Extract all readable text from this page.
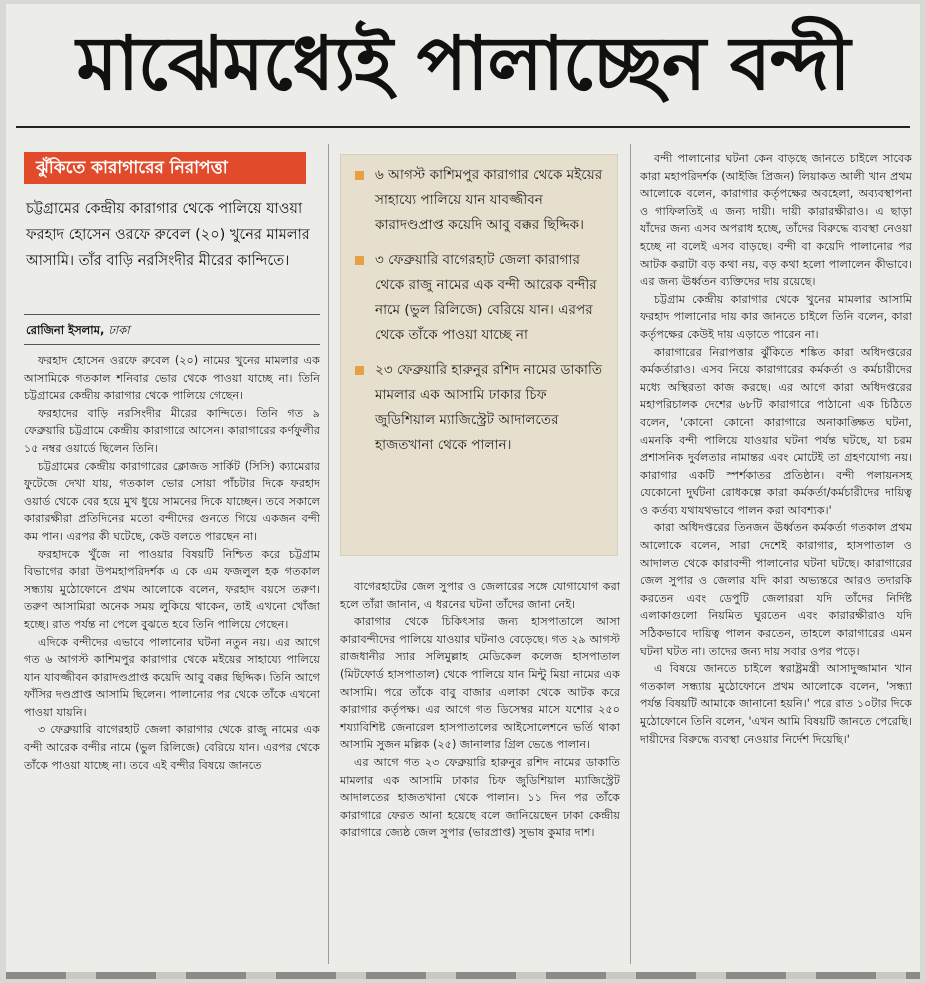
মাঝেমধ্যেই পালাচ্ছেন বন্দী
ঝুঁকিতে কারাগারের নিরাপত্তা
চট্টগ্রামের কেন্দ্রীয় কারাগার থেকে পালিয়ে যাওয়া ফরহাদ হোসেন ওরফে রুবেল (২০) খুনের মামলার আসামি। তাঁর বাড়ি নরসিংদীর মীরের কান্দিতে।
রোজিনা ইসলাম, ঢাকা

ফরহাদ হোসেন ওরফে রুবেল (২০) নামের খুনের মামলার এক আসামিকে গতকাল শনিবার ভোর থেকে পাওয়া যাচ্ছে না। তিনি চট্টগ্রামের কেন্দ্রীয় কারাগার থেকে পালিয়ে গেছেন।

ফরহাদের বাড়ি নরসিংদীর মীরের কান্দিতে। তিনি গত ৯ ফেব্রুয়ারি চট্টগ্রামে কেন্দ্রীয় কারাগারে আসেন। কারাগারের কর্ণফুলীর ১৫ নম্বর ওয়ার্ডে ছিলেন তিনি।

চট্টগ্রামের কেন্দ্রীয় কারাগারের ক্লোজড সার্কিট (সিসি) ক্যামেরার ফুটেজে দেখা যায়, গতকাল ভোর সোয়া পাঁচটার দিকে ফরহাদ ওয়ার্ড থেকে বের হয়ে মুখ ধুয়ে সামনের দিকে যাচ্ছেন। তবে সকালে কারারক্ষীরা প্রতিদিনের মতো বন্দীদের গুনতে গিয়ে একজন বন্দী কম পান। এরপর কী ঘটেছে, কেউ বলতে পারছেন না।

ফরহাদকে খুঁজে না পাওয়ার বিষয়টি নিশ্চিত করে চট্টগ্রাম বিভাগের কারা উপমহাপরিদর্শক এ কে এম ফজলুল হক গতকাল সন্ধ্যায় মুঠোফোনে প্রথম আলোকে বলেন, ফরহাদ বয়সে তরুণ। তরুণ আসামিরা অনেক সময় লুকিয়ে থাকেন, তাই এখনো খোঁজা হচ্ছে। রাত পর্যন্ত না পেলে বুঝতে হবে তিনি পালিয়ে গেছেন।

এদিকে বন্দীদের এভাবে পালানোর ঘটনা নতুন নয়। এর আগে গত ৬ আগস্ট কাশিমপুর কারাগার থেকে মইয়ের সাহায্যে পালিয়ে যান যাবজ্জীবন কারাদণ্ডপ্রাপ্ত কয়েদি আবু বক্কর ছিদ্দিক। তিনি আগে ফাঁসির দণ্ডপ্রাপ্ত আসামি ছিলেন। পালানোর পর থেকে তাঁকে এখনো পাওয়া যায়নি।

৩ ফেব্রুয়ারি বাগেরহাট জেলা কারাগার থেকে রাজু নামের এক বন্দী আরেক বন্দীর নামে (ভুল রিলিজে) বেরিয়ে যান। এরপর থেকে তাঁকে পাওয়া যাচ্ছে না। তবে এই বন্দীর বিষয়ে জানতে

৬ আগস্ট কাশিমপুর কারাগার থেকে মইয়ের সাহায্যে পালিয়ে যান যাবজ্জীবন কারাদণ্ডপ্রাপ্ত কয়েদি আবু বক্কর ছিদ্দিক।
৩ ফেব্রুয়ারি বাগেরহাট জেলা কারাগার থেকে রাজু নামের এক বন্দী আরেক বন্দীর নামে (ভুল রিলিজে) বেরিয়ে যান। এরপর থেকে তাঁকে পাওয়া যাচ্ছে না
২৩ ফেব্রুয়ারি হারুনুর রশিদ নামের ডাকাতি মামলার এক আসামি ঢাকার চিফ জুডিশিয়াল ম্যাজিস্ট্রেট আদালতের হাজতখানা থেকে পালান।

বাগেরহাটের জেল সুপার ও জেলারের সঙ্গে যোগাযোগ করা হলে তাঁরা জানান, এ ধরনের ঘটনা তাঁদের জানা নেই।

কারাগার থেকে চিকিৎসার জন্য হাসপাতালে আসা কারাবন্দীদের পালিয়ে যাওয়ার ঘটনাও বেড়েছে। গত ২৯ আগস্ট রাজধানীর স্যার সলিমুল্লাহ মেডিকেল কলেজ হাসপাতাল (মিটফোর্ড হাসপাতাল) থেকে পালিয়ে যান মিন্টু মিয়া নামের এক আসামি। পরে তাঁকে বাবু বাজার এলাকা থেকে আটক করে কারাগার কর্তৃপক্ষ। এর আগে গত ডিসেম্বর মাসে যশোর ২৫০ শয্যাবিশিষ্ট জেনারেল হাসপাতালের আইসোলেশনে ভর্তি থাকা আসামি সুজন মল্লিক (২৫) জানালার গ্রিল ভেঙে পালান।

এর আগে গত ২৩ ফেব্রুয়ারি হারুনুর রশিদ নামের ডাকাতি মামলার এক আসামি ঢাকার চিফ জুডিশিয়াল ম্যাজিস্ট্রেট আদালতের হাজতখানা থেকে পালান। ১১ দিন পর তাঁকে কারাগারে ফেরত আনা হয়েছে বলে জানিয়েছেন ঢাকা কেন্দ্রীয় কারাগারে জ্যেষ্ঠ জেল সুপার (ভারপ্রাপ্ত) সুভাষ কুমার দাশ।

বন্দী পালানোর ঘটনা কেন বাড়ছে জানতে চাইলে সাবেক কারা মহাপরিদর্শক (আইজি প্রিজন) লিয়াকত আলী খান প্রথম আলোকে বলেন, কারাগার কর্তৃপক্ষের অবহেলা, অব্যবস্থাপনা ও গাফিলতিই এ জন্য দায়ী। দায়ী কারারক্ষীরাও। এ ছাড়া যাঁদের জন্য এসব অপরাধ হচ্ছে, তাঁদের বিরুদ্ধে ব্যবস্থা নেওয়া হচ্ছে না বলেই এসব বাড়ছে। বন্দী বা কয়েদি পালানোর পর আটক করাটা বড় কথা নয়, বড় কথা হলো পালালেন কীভাবে। এর জন্য ঊর্ধ্বতন ব্যক্তিদের দায় রয়েছে।

চট্টগ্রাম কেন্দ্রীয় কারাগার থেকে খুনের মামলার আসামি ফরহাদ পালানোর দায় কার জানতে চাইলে তিনি বলেন, কারা কর্তৃপক্ষের কেউই দায় এড়াতে পারেন না।

কারাগারের নিরাপত্তার ঝুঁকিতে শঙ্কিত কারা অধিদপ্তরের কর্মকর্তারাও। এসব নিয়ে কারাগারের কর্মকর্তা ও কর্মচারীদের মধ্যে অস্থিরতা কাজ করছে। এর আগে কারা অধিদপ্তরের মহাপরিচালক দেশের ৬৮টি কারাগারে পাঠানো এক চিঠিতে বলেন, 'কোনো কোনো কারাগারে অনাকাঙ্ক্ষিত ঘটনা, এমনকি বন্দী পালিয়ে যাওয়ার ঘটনা পর্যন্ত ঘটছে, যা চরম প্রশাসনিক দুর্বলতার নামান্তর এবং মোটেই তা গ্রহণযোগ্য নয়। কারাগার একটি স্পর্শকাতর প্রতিষ্ঠান। বন্দী পলায়নসহ যেকোনো দুর্ঘটনা রোধকল্পে কারা কর্মকর্তা/কর্মচারীদের দায়িত্ব ও কর্তব্য যথাযথভাবে পালন করা আবশ্যক।'

কারা অধিদপ্তরের তিনজন ঊর্ধ্বতন কর্মকর্তা গতকাল প্রথম আলোকে বলেন, সারা দেশেই কারাগার, হাসপাতাল ও আদালত থেকে কারাবন্দী পালানোর ঘটনা ঘটছে। কারাগারের জেল সুপার ও জেলার যদি কারা অভ্যন্তরে আরও তদারকি করতেন এবং ডেপুটি জেলাররা যদি তাঁদের নির্দিষ্ট এলাকাগুলো নিয়মিত ঘুরতেন এবং কারারক্ষীরাও যদি সঠিকভাবে দায়িত্ব পালন করতেন, তাহলে কারাগারের এমন ঘটনা ঘটত না। তাদের জন্য দায় সবার ওপর পড়ে।

এ বিষয়ে জানতে চাইলে স্বরাষ্ট্রমন্ত্রী আসাদুজ্জামান খান গতকাল সন্ধ্যায় মুঠোফোনে প্রথম আলোকে বলেন, 'সন্ধ্যা পর্যন্ত বিষয়টি আমাকে জানানো হয়নি।' পরে রাত ১০টার দিকে মুঠোফোনে তিনি বলেন, 'এখন আমি বিষয়টি জানতে পেরেছি। দায়ীদের বিরুদ্ধে ব্যবস্থা নেওয়ার নির্দেশ দিয়েছি।'
